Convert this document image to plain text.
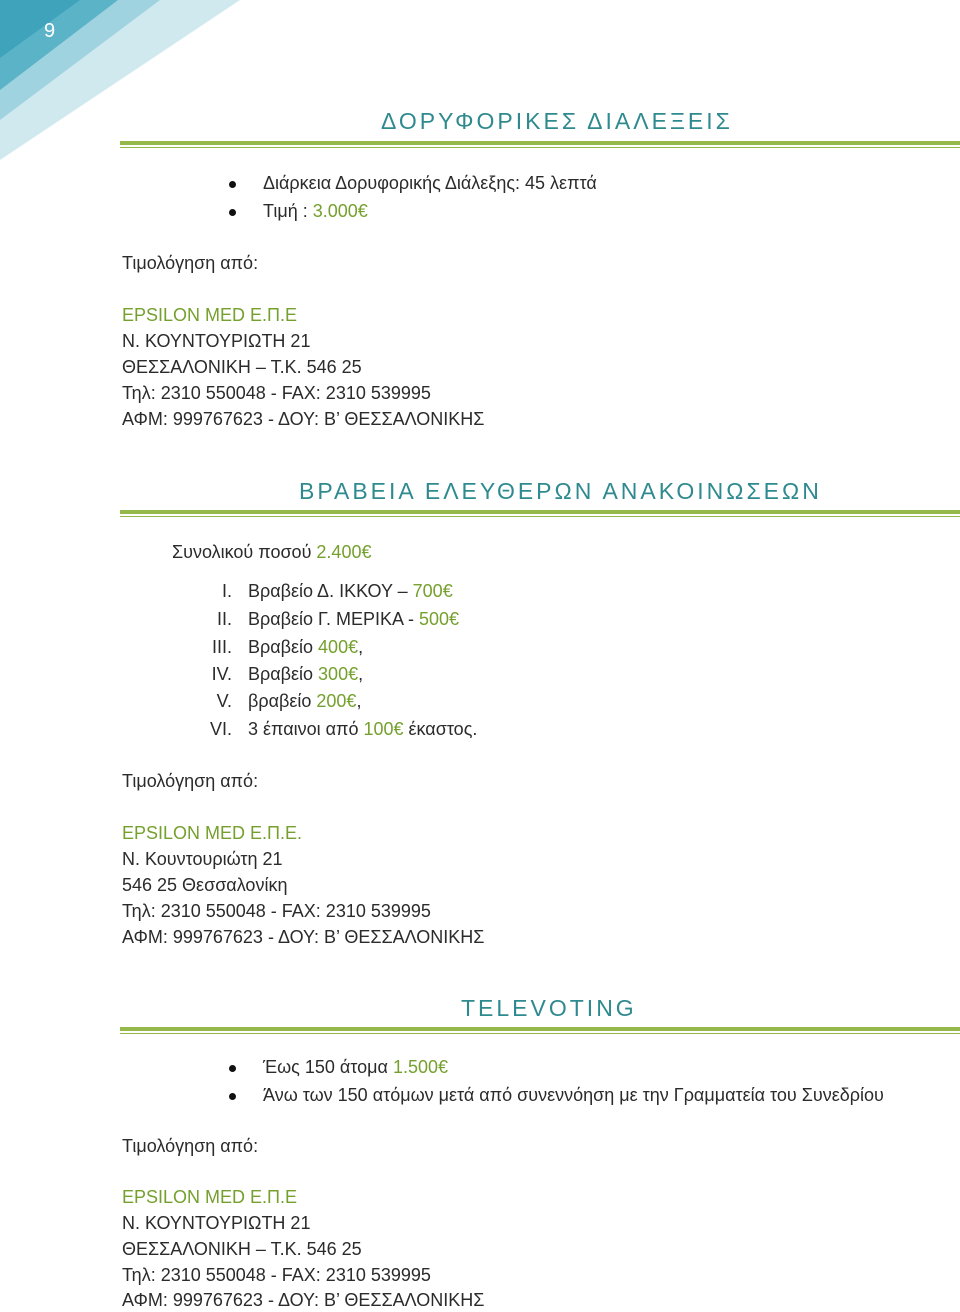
9
ΔΟΡΥΦΟΡΙΚΕΣ ΔΙΑΛΕΞΕΙΣ
Διάρκεια Δορυφορικής Διάλεξης: 45 λεπτά
Τιμή : 3.000€
Τιμολόγηση από:
EPSILON MED Ε.Π.Ε
Ν. ΚΟΥΝΤΟΥΡΙΩΤΗ 21
ΘΕΣΣΑΛΟΝΙΚΗ – Τ.Κ. 546 25
Τηλ: 2310 550048 - FAX: 2310 539995
ΑΦΜ: 999767623 - ΔΟΥ: Β’ ΘΕΣΣΑΛΟΝΙΚΗΣ
ΒΡΑΒΕΙΑ ΕΛΕΥΘΕΡΩΝ ΑΝΑΚΟΙΝΩΣΕΩΝ
Συνολικού ποσού 2.400€
I. Βραβείο Δ. ΙΚΚΟΥ – 700€
II. Βραβείο Γ. ΜΕΡΙΚΑ - 500€
III. Βραβείο 400€,
IV. Βραβείο 300€,
V. βραβείο 200€,
VI. 3 έπαινοι από 100€ έκαστος.
Τιμολόγηση από:
EPSILON MED Ε.Π.Ε.
Ν. Κουντουριώτη 21
546 25 Θεσσαλονίκη
Τηλ: 2310 550048 - FAX: 2310 539995
ΑΦΜ: 999767623 - ΔΟΥ: Β’ ΘΕΣΣΑΛΟΝΙΚΗΣ
TELEVOTING
Έως 150 άτομα 1.500€
Άνω των 150 ατόμων μετά από συνεννόηση με την Γραμματεία του Συνεδρίου
Τιμολόγηση από:
EPSILON MED Ε.Π.Ε
Ν. ΚΟΥΝΤΟΥΡΙΩΤΗ 21
ΘΕΣΣΑΛΟΝΙΚΗ – Τ.Κ. 546 25
Τηλ: 2310 550048 - FAX: 2310 539995
ΑΦΜ: 999767623 - ΔΟΥ: Β’ ΘΕΣΣΑΛΟΝΙΚΗΣ
